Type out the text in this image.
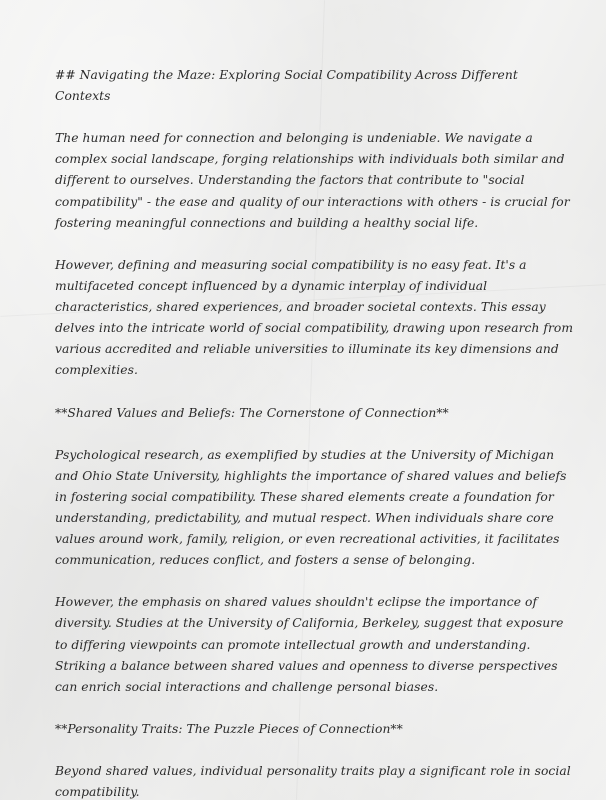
## Navigating the Maze: Exploring Social Compatibility Across Different Contexts

The human need for connection and belonging is undeniable. We navigate a complex social landscape, forging relationships with individuals both similar and different to ourselves. Understanding the factors that contribute to "social compatibility" - the ease and quality of our interactions with others - is crucial for fostering meaningful connections and building a healthy social life.

However, defining and measuring social compatibility is no easy feat. It's a multifaceted concept influenced by a dynamic interplay of individual characteristics, shared experiences, and broader societal contexts. This essay delves into the intricate world of social compatibility, drawing upon research from various accredited and reliable universities to illuminate its key dimensions and complexities.

**Shared Values and Beliefs: The Cornerstone of Connection**

Psychological research, as exemplified by studies at the University of Michigan and Ohio State University, highlights the importance of shared values and beliefs in fostering social compatibility. These shared elements create a foundation for understanding, predictability, and mutual respect. When individuals share core values around work, family, religion, or even recreational activities, it facilitates communication, reduces conflict, and fosters a sense of belonging.

However, the emphasis on shared values shouldn't eclipse the importance of diversity. Studies at the University of California, Berkeley, suggest that exposure to differing viewpoints can promote intellectual growth and understanding. Striking a balance between shared values and openness to diverse perspectives can enrich social interactions and challenge personal biases.

**Personality Traits: The Puzzle Pieces of Connection**

Beyond shared values, individual personality traits play a significant role in social compatibility.
